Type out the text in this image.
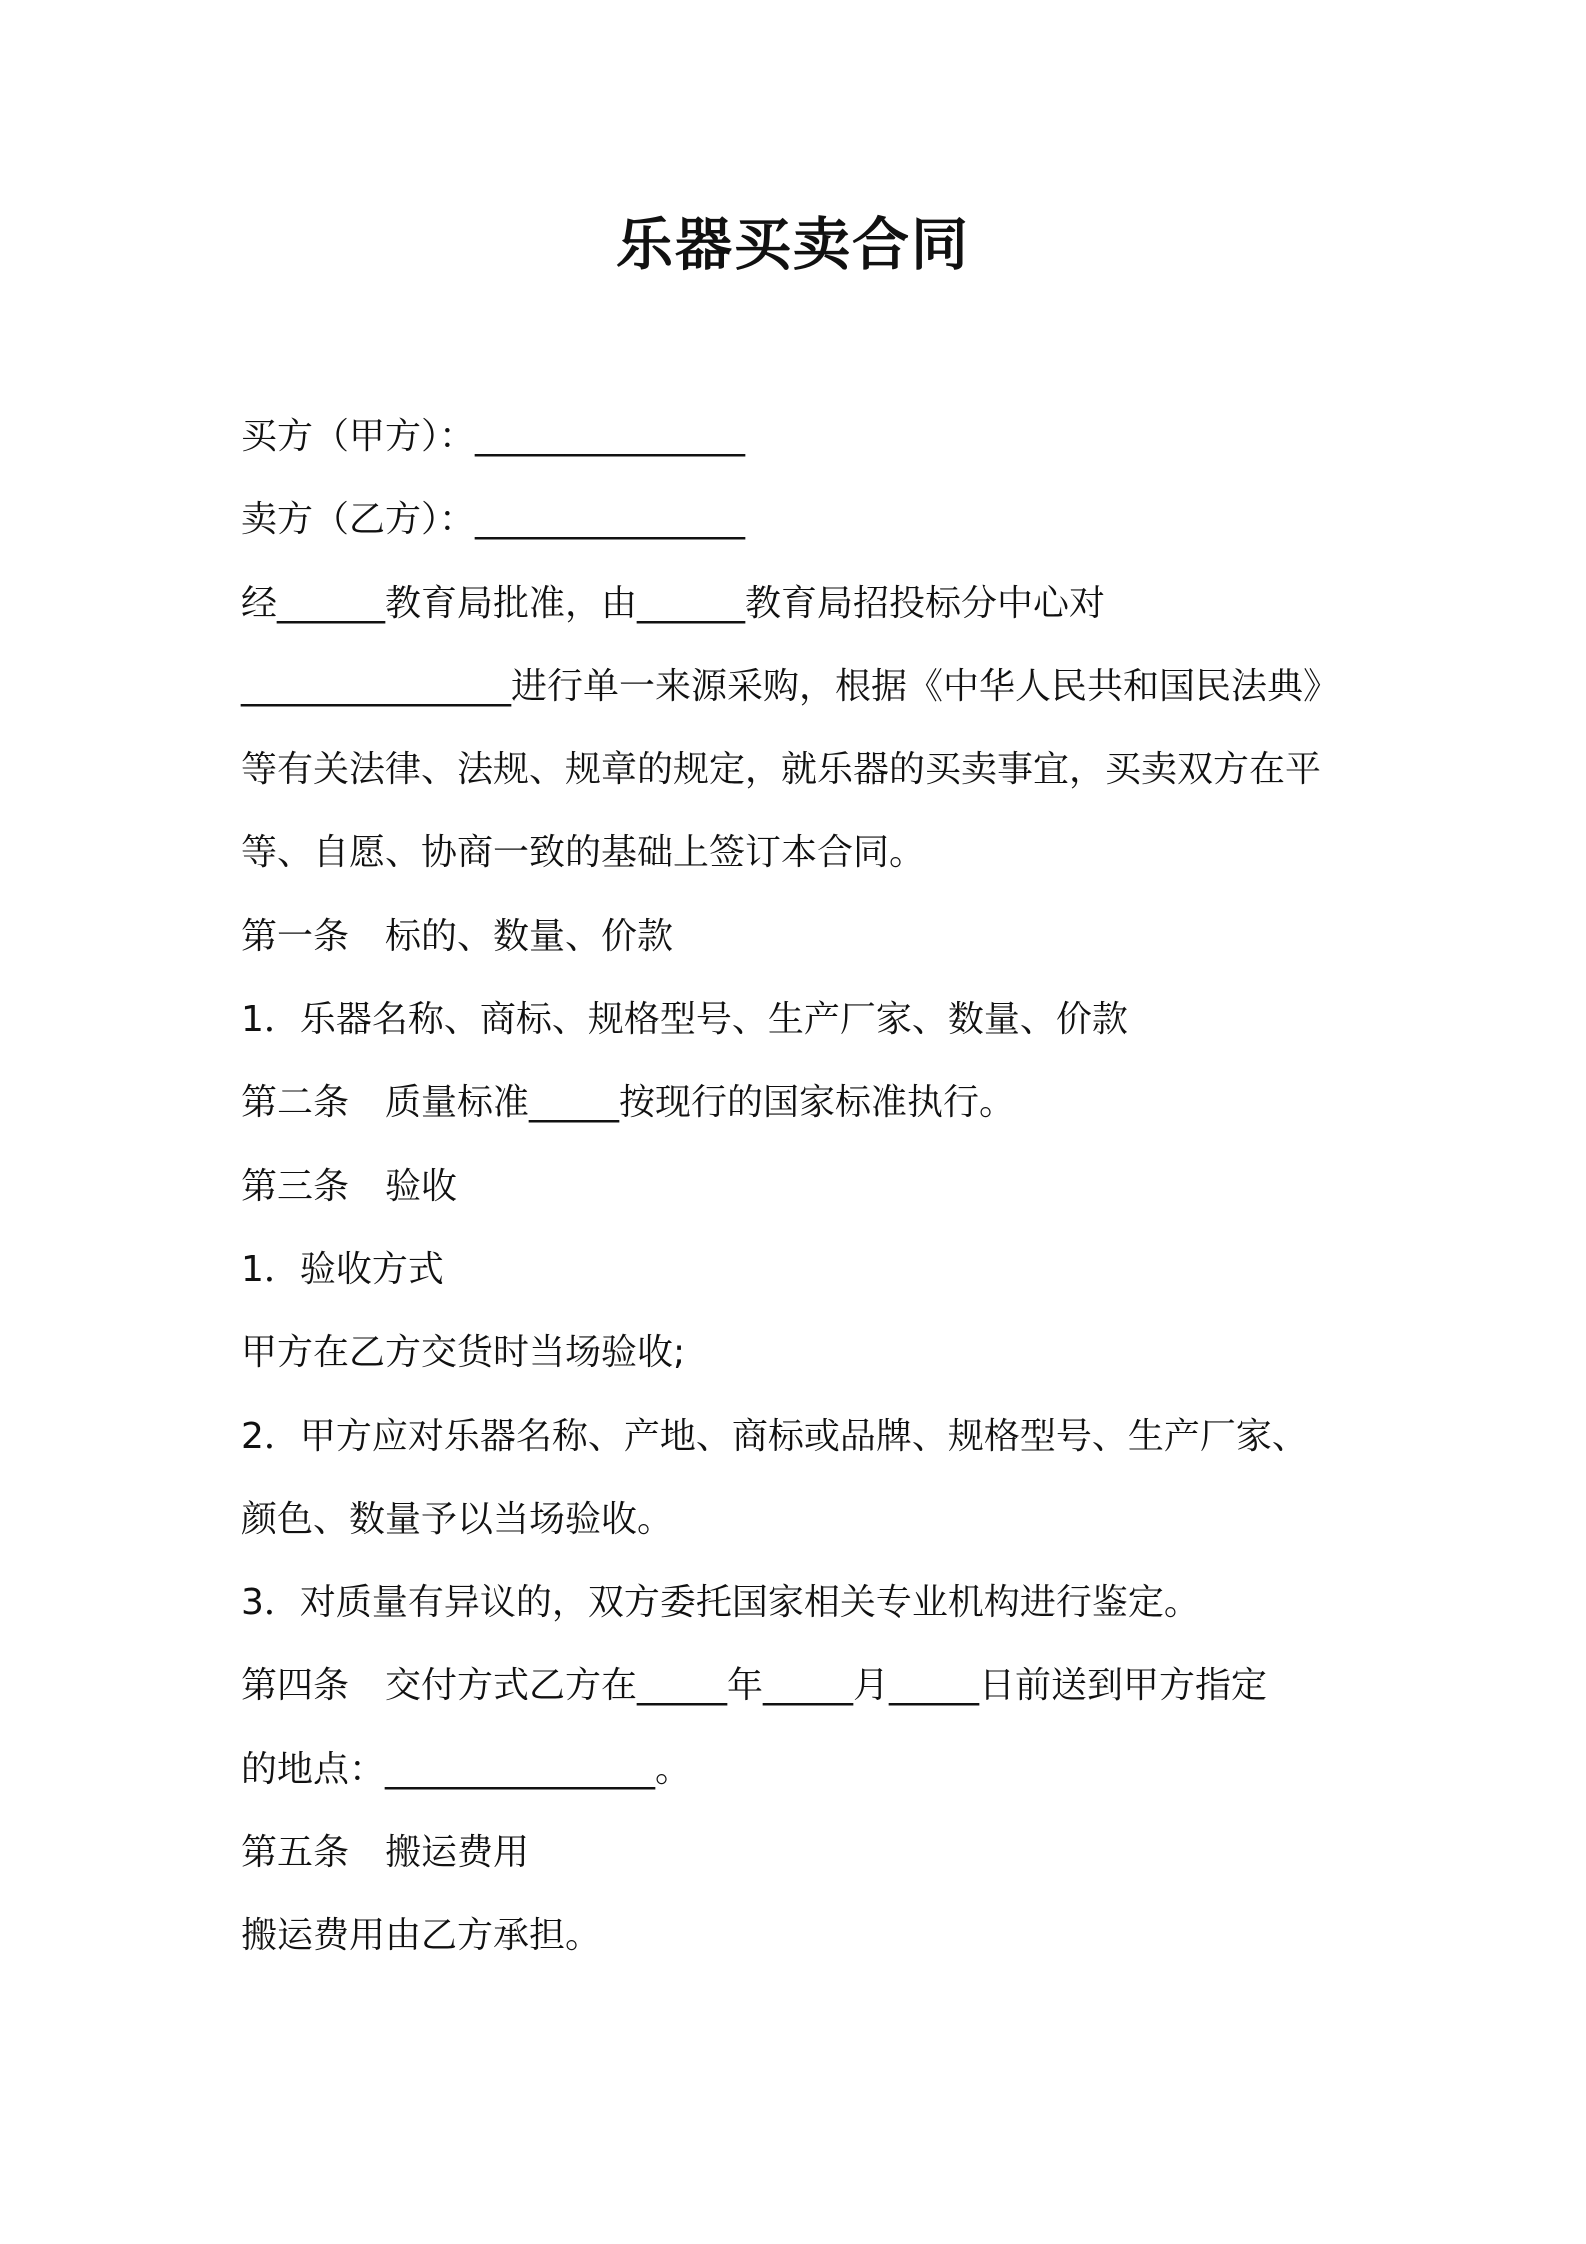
乐器买卖合同
买方（甲方）：_______________
卖方（乙方）：_______________
经______教育局批准，由______教育局招投标分中心对
_______________进行单一来源采购，根据《中华人民共和国民法典》
等有关法律、法规、规章的规定，就乐器的买卖事宜，买卖双方在平
等、自愿、协商一致的基础上签订本合同。
第一条　标的、数量、价款
1．乐器名称、商标、规格型号、生产厂家、数量、价款
第二条　质量标准_____按现行的国家标准执行。
第三条　验收
1．验收方式
甲方在乙方交货时当场验收;
2．甲方应对乐器名称、产地、商标或品牌、规格型号、生产厂家、
颜色、数量予以当场验收。
3．对质量有异议的，双方委托国家相关专业机构进行鉴定。
第四条　交付方式乙方在_____年_____月_____日前送到甲方指定
的地点：_______________。
第五条　搬运费用
搬运费用由乙方承担。
